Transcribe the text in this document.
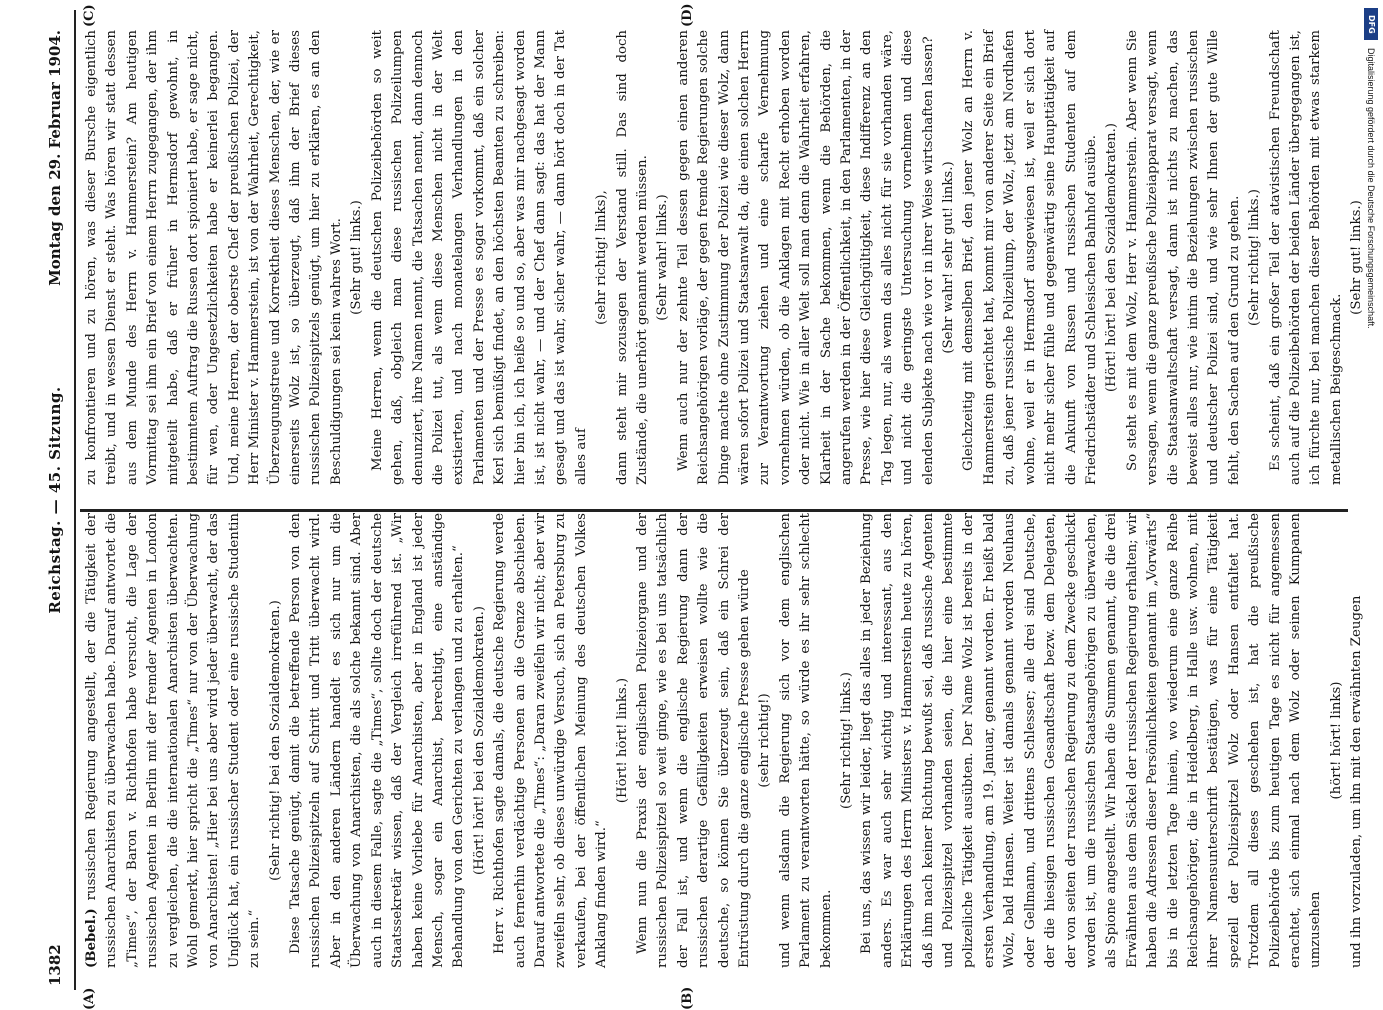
DFG
Digitalisierung gefördert durch die Deutsche Forschungsgemeinschaft.
1382
Reichstag. — 45. Sitzung.
Montag den 29. Februar 1904.
(A)	(B)
(C)	(D)

(Bebel.) russischen Regierung angestellt, der die Tätigkeit der russischen Anarchisten zu überwachen habe. Darauf antwortet die „Times“, der Baron v. Richthofen habe versucht, die Lage der russischen Agenten in Berlin mit der fremder Agenten in London zu vergleichen, die die internationalen Anarchisten überwachten. Wohl gemerkt, hier spricht die „Times“ nur von der Überwachung von Anarchisten! „Hier bei uns aber wird jeder überwacht, der das Unglück hat, ein russischer Student oder eine russische Studentin zu sein.“

(Sehr richtig! bei den Sozialdemokraten.) Diese Tatsache genügt, damit die betreffende Person von den russischen Polizeispitzeln auf Schritt und Tritt überwacht wird. Aber in den anderen Ländern handelt es sich nur um die Überwachung von Anarchisten, die als solche bekannt sind. Aber auch in diesem Falle, sagte die „Times“, sollte doch der deutsche Staatssekretär wissen, daß der Vergleich irreführend ist. „Wir haben keine Vorliebe für Anarchisten, aber in England ist jeder Mensch, sogar ein Anarchist, berechtigt, eine anständige Behandlung von den Gerichten zu verlangen und zu erhalten.“ (Hört! hört! bei den Sozialdemokraten.) Herr v. Richthofen sagte damals, die deutsche Regierung werde auch fernerhin verdächtige Personen an die Grenze abschieben. Darauf antwortete die „Times“: „Daran zweifeln wir nicht; aber wir zweifeln sehr, ob dieses unwürdige Versuch, sich an Petersburg zu verkaufen, bei der öffentlichen Meinung des deutschen Volkes Anklang finden wird.“

(Hört! hört! links.) Wenn nun die Praxis der englischen Polizeiorgane und der russischen Polizeispitzel so weit ginge, wie es bei uns tatsächlich der Fall ist, und wenn die englische Regierung dann der russischen derartige Gefälligkeiten erweisen wollte wie die deutsche, so können Sie überzeugt sein, daß ein Schrei der Entrüstung durch die ganze englische Presse gehen würde (sehr richtig!) und wenn alsdann die Regierung sich vor dem englischen Parlament zu verantworten hätte, so würde es ihr sehr schlecht bekommen.

(Sehr richtig! links.) Bei uns, das wissen wir leider, liegt das alles in jeder Beziehung anders. Es war auch sehr wichtig und interessant, aus den Erklärungen des Herrn Ministers v. Hammerstein heute zu hören, daß ihm nach keiner Richtung bewußt sei, daß russische Agenten und Polizeispitzel vorhanden seien, die hier eine bestimmte polizeiliche Tätigkeit ausübten. Der Name Wolz ist bereits in der ersten Verhandlung, am 19. Januar, genannt worden. Er heißt bald Wolz, bald Hansen. Weiter ist damals genannt worden Neuhaus oder Gellmann, und drittens Schlesser; alle drei sind Deutsche, der die hiesigen russischen Gesandtschaft bezw. dem Delegaten, der von seiten der russischen Regierung zu dem Zwecke geschickt worden ist, um die russischen Staatsangehörigen zu überwachen, als Spione angestellt. Wir haben die Summen genannt, die die drei Erwähnten aus dem Säckel der russischen Regierung erhalten; wir haben die Adressen dieser Persönlichkeiten genannt im „Vorwärts“ bis in die letzten Tage hinein, wo wiederum eine ganze Reihe Reichsangehöriger, die in Heidelberg, in Halle usw. wohnen, mit ihrer Namensunterschrift bestätigen, was für eine Tätigkeit speziell der Polizeispitzel Wolz oder Hansen entfaltet hat. Trotzdem all dieses geschehen ist, hat die preußische Polizeibehörde bis zum heutigen Tage es nicht für angemessen erachtet, sich einmal nach dem Wolz oder seinen Kumpanen umzusehen

(hört! hört! links) und ihn vorzuladen, um ihn mit den erwähnten Zeugen

zu konfrontieren und zu hören, was dieser Bursche eigentlich treibt, und in wessen Dienst er steht. Was hören wir statt dessen aus dem Munde des Herrn v. Hammerstein? Am heutigen Vormittag sei ihm ein Brief von einem Herrn zugegangen, der ihm mitgeteilt habe, daß er früher in Hermsdorf gewohnt, in bestimmtem Auftrag die Russen dort spioniert habe, er sage nicht, für wen, oder Ungesetzlichkeiten habe er keinerlei begangen. Und, meine Herren, der oberste Chef der preußischen Polizei, der Herr Minister v. Hammerstein, ist von der Wahrheit, Gerechtigkeit, Überzeugungstreue und Korrektheit dieses Menschen, der, wie er einerseits Wolz ist, so überzeugt, daß ihm der Brief dieses russischen Polizeispitzels genügt, um hier zu erklären, es an den Beschuldigungen sei kein wahres Wort. (Sehr gut! links.) Meine Herren, wenn die deutschen Polizeibehörden so weit gehen, daß, obgleich man diese russischen Polizeilumpen denunziert, ihre Namen nennt, die Tatsachen nennt, dann dennoch die Polizei tut, als wenn diese Menschen nicht in der Welt existierten, und nach monatelangen Verhandlungen in den Parlamenten und der Presse es sogar vorkommt, daß ein solcher Kerl sich bemüßigt findet, an den höchsten Beamten zu schreiben: hier bin ich, ich heiße so und so, aber was mir nachgesagt worden ist, ist nicht wahr, — und der Chef dann sagt: das hat der Mann gesagt und das ist wahr, sicher wahr, — dann hört doch in der Tat alles auf

(sehr richtig! links), dann steht mir sozusagen der Verstand still. Das sind doch Zustände, die unerhört genannt werden müssen. (Sehr wahr! links.) Wenn auch nur der zehnte Teil dessen gegen einen anderen Reichsangehörigen vorläge, der gegen fremde Regierungen solche Dinge machte ohne Zustimmung der Polizei wie dieser Wolz, dann wären sofort Polizei und Staatsanwalt da, die einen solchen Herrn zur Verantwortung ziehen und eine scharfe Vernehmung vornehmen würden, ob die Anklagen mit Recht erhoben worden oder nicht. Wie in aller Welt soll man denn die Wahrheit erfahren, Klarheit in der Sache bekommen, wenn die Behörden, die angerufen werden in der Öffentlichkeit, in den Parlamenten, in der Presse, wie hier diese Gleichgültigkeit, diese Indifferenz an den Tag legen, nur, als wenn das alles nicht für sie vorhanden wäre, und nicht die geringste Untersuchung vornehmen und diese elenden Subjekte nach wie vor in ihrer Weise wirtschaften lassen? (Sehr wahr! sehr gut! links.) Gleichzeitig mit demselben Brief, den jener Wolz an Herrn v. Hammerstein gerichtet hat, kommt mir von anderer Seite ein Brief zu, daß jener russische Polizeilump, der Wolz, jetzt am Nordhafen wohne, weil er in Hermsdorf ausgewiesen ist, weil er sich dort nicht mehr sicher fühle und gegenwärtig seine Haupttätigkeit auf die Ankunft von Russen und russischen Studenten auf dem Friedrichstädter und Schlesischen Bahnhof ausübe. (Hört! hört! bei den Sozialdemokraten.) So steht es mit dem Wolz, Herr v. Hammerstein. Aber wenn Sie versagen, wenn die ganze preußische Polizeiapparat versagt, wenn die Staatsanwaltschaft versagt, dann ist nichts zu machen, das beweist alles nur, wie intim die Beziehungen zwischen russischen und deutscher Polizei sind, und wie sehr Ihnen der gute Wille fehlt, den Sachen auf den Grund zu gehen. (Sehr richtig! links.) Es scheint, daß ein großer Teil der atavistischen Freundschaft auch auf die Polizeibehörden der beiden Länder übergegangen ist, ich fürchte nur, bei manchen dieser Behörden mit etwas starkem metallischen Beigeschmack.

(Sehr gut! links.)
